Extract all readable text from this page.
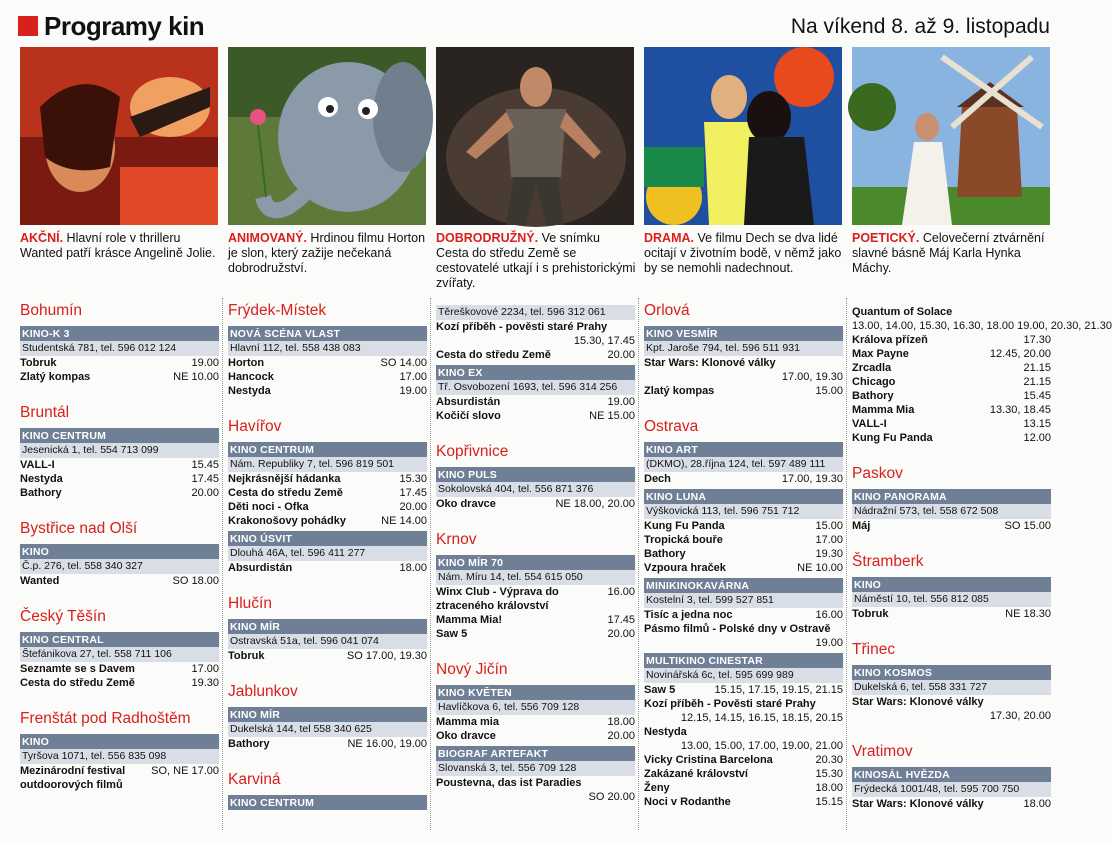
Programy kin	Na víkend 8. až 9. listopadu
AKČNÍ. Hlavní role v thrilleru Wanted patří krásce Angelině Jolie.
ANIMOVANÝ. Hrdinou filmu Horton je slon, který zažije nečekaná dobrodružství.
DOBRODRUŽNÝ. Ve snímku Cesta do středu Země se cestovatelé utkají i s prehistorickými zvířaty.
DRAMA. Ve filmu Dech se dva lidé ocitají v životním bodě, v němž jako by se nemohli nadechnout.
POETICKÝ. Celovečerní ztvárnění slavné básně Máj Karla Hynka Máchy.
Bohumín
KINO-K 3
Studentská 781, tel. 596 012 124
Tobruk	19.00
Zlatý kompas	NE 10.00
Bruntál
KINO CENTRUM
Jesenická 1, tel. 554 713 099
VALL-I	15.45
Nestyda	17.45
Bathory	20.00
Bystřice nad Olší
KINO
Č.p. 276, tel. 558 340 327
Wanted	SO 18.00
Český Těšín
KINO CENTRAL
Štefánikova 27, tel. 558 711 106
Seznamte se s Davem	17.00
Cesta do středu Země	19.30
Frenštát pod Radhoštěm
KINO
Tyršova 1071, tel. 556 835 098
Mezinárodní festival outdoorových filmů
SO, NE 17.00
Frýdek-Místek
NOVÁ SCÉNA VLAST
Hlavní 112, tel. 558 438 083
Horton	SO 14.00
Hancock	17.00
Nestyda	19.00
Havířov
KINO CENTRUM
Nám. Republiky 7, tel. 596 819 501
Nejkrásnější hádanka	15.30
Cesta do středu Země	17.45
Děti noci - Ofka	20.00
Krakonošovy pohádky	NE 14.00
KINO ÚSVIT
Dlouhá 46A, tel. 596 411 277
Absurdistán	18.00
Hlučín
KINO MÍR
Ostravská 51a, tel. 596 041 074
Tobruk	SO 17.00, 19.30
Jablunkov
KINO MÍR
Dukelská 144, tel 558 340 625
Bathory	NE 16.00, 19.00
Karviná
KINO CENTRUM
Těreškovové 2234, tel. 596 312 061
Kozí příběh - pověsti staré Prahy
15.30, 17.45
Cesta do středu Země	20.00
KINO EX
Tř. Osvobození 1693, tel. 596 314 256
Absurdistán	19.00
Kočičí slovo	NE 15.00
Kopřivnice
KINO PULS
Sokolovská 404, tel. 556 871 376
Oko dravce	NE 18.00, 20.00
Krnov
KINO MÍR 70
Nám. Míru 14, tel. 554 615 050
Winx Club - Výprava do ztraceného království
16.00
Mamma Mia!	17.45
Saw 5	20.00
Nový Jičín
KINO KVĚTEN
Havlíčkova 6, tel. 556 709 128
Mamma mia	18.00
Oko dravce	20.00
BIOGRAF ARTEFAKT
Slovanská 3, tel. 556 709 128
Poustevna, das ist Paradies
SO 20.00
Orlová
KINO VESMÍR
Kpt. Jaroše 794, tel. 596 511 931
Star Wars: Klonové války
17.00, 19.30
Zlatý kompas	15.00
Ostrava
KINO ART
(DKMO), 28.října 124, tel. 597 489 111
Dech	17.00, 19.30
KINO LUNA
Výškovická 113, tel. 596 751 712
Kung Fu Panda	15.00
Tropická bouře	17.00
Bathory	19.30
Vzpoura hraček	NE 10.00
MINIKINOKAVÁRNA
Kostelní 3, tel. 599 527 851
Tisíc a jedna noc	16.00
Pásmo filmů - Polské dny v Ostravě
19.00
MULTIKINO CINESTAR
Novinářská 6c, tel. 595 699 989
Saw 5	15.15, 17.15, 19.15, 21.15
Kozí příběh - Pověsti staré Prahy
12.15, 14.15, 16.15, 18.15, 20.15
Nestyda
13.00, 15.00, 17.00, 19.00, 21.00
Vicky Cristina Barcelona	20.30
Zakázané království	15.30
Ženy	18.00
Noci v Rodanthe	15.15
Quantum of Solace
13.00, 14.00, 15.30, 16.30, 18.00 19.00, 20.30, 21.30
Králova přízeň	17.30
Max Payne	12.45, 20.00
Zrcadla	21.15
Chicago	21.15
Bathory	15.45
Mamma Mia	13.30, 18.45
VALL-I	13.15
Kung Fu Panda	12.00
Paskov
KINO PANORAMA
Nádražní 573, tel. 558 672 508
Máj	SO 15.00
Štramberk
KINO
Náměstí 10, tel. 556 812 085
Tobruk	NE 18.30
Třinec
KINO KOSMOS
Dukelská 6, tel. 558 331 727
Star Wars: Klonové války
17.30, 20.00
Vratimov
KINOSÁL HVĚZDA
Frýdecká 1001/48, tel. 595 700 750
Star Wars: Klonové války	18.00
